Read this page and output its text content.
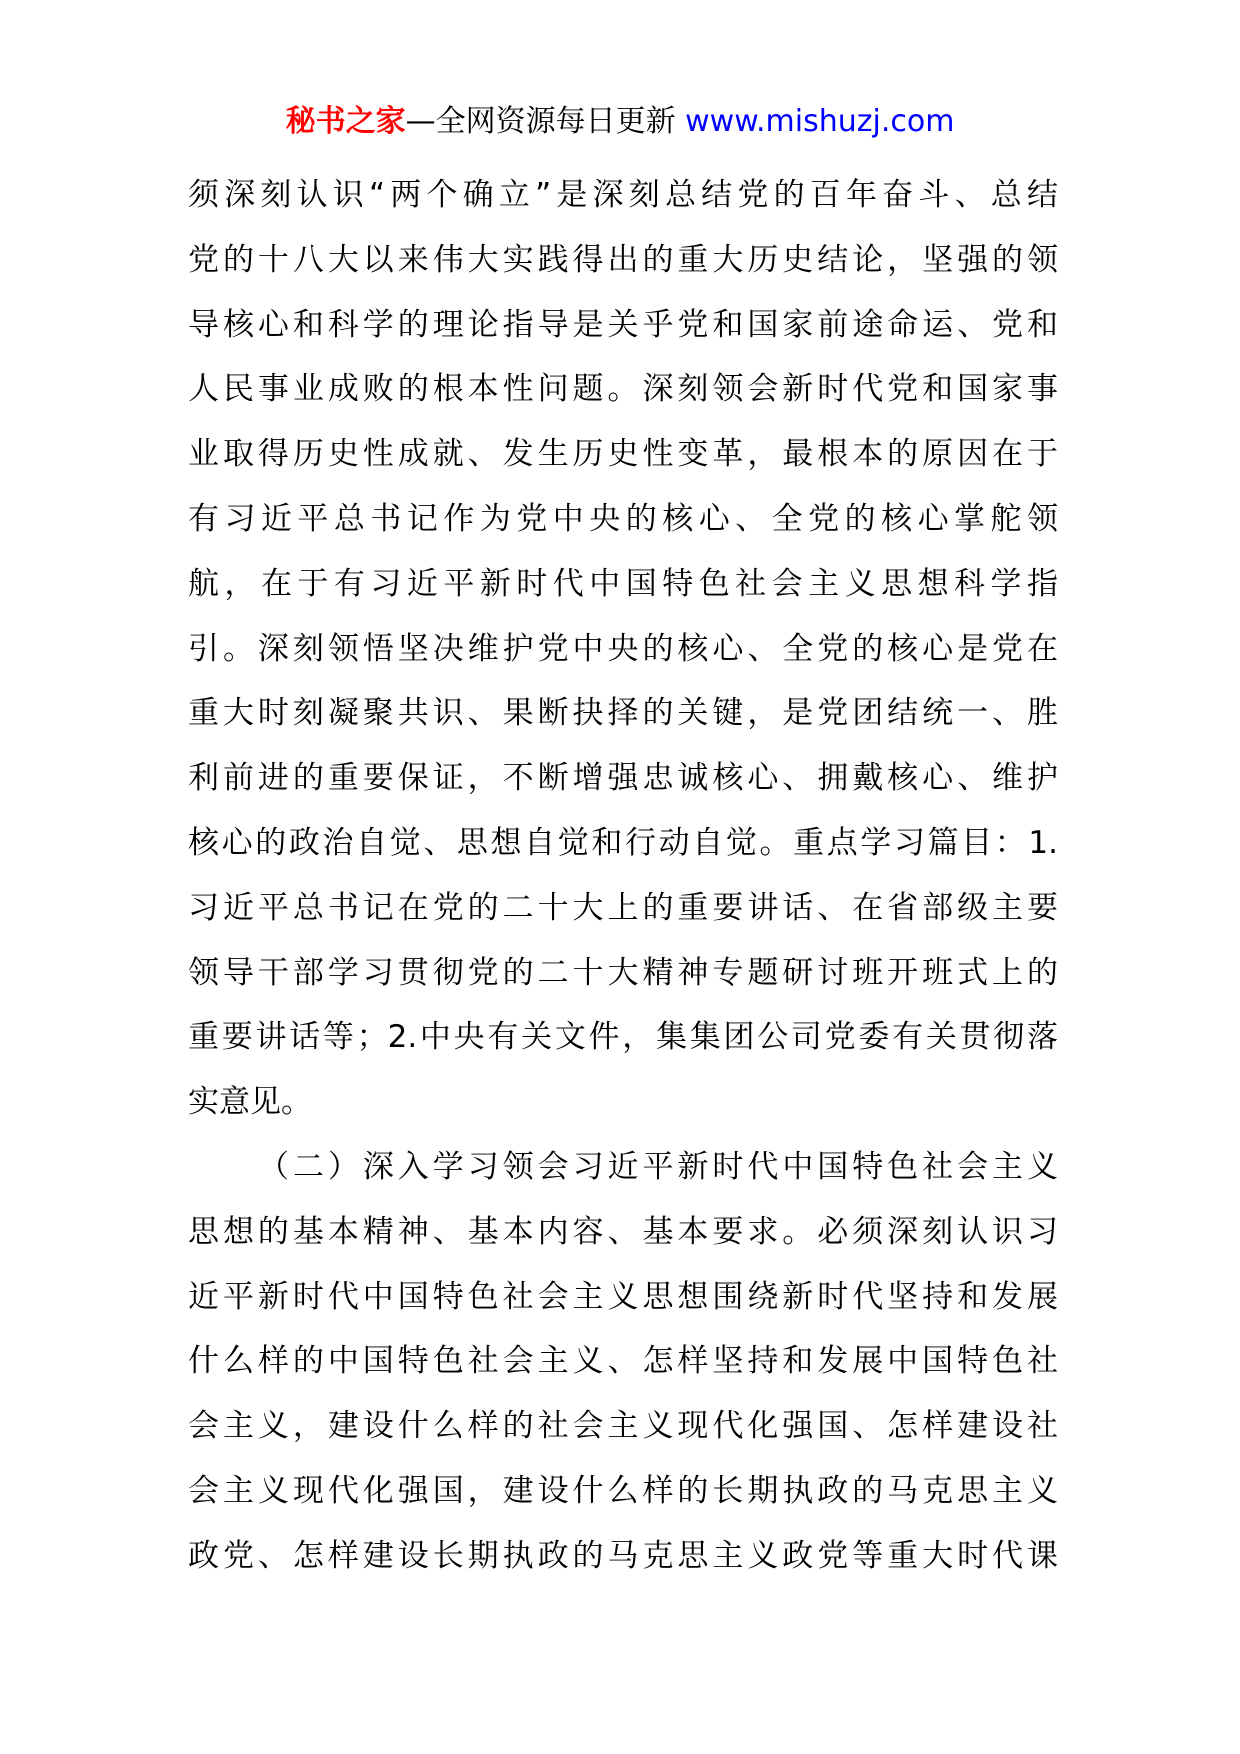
秘书之家—全网资源每日更新 www.mishuzj.com
须深刻认识“两个确立”是深刻总结党的百年奋斗、总结
党的十八大以来伟大实践得出的重大历史结论，坚强的领
导核心和科学的理论指导是关乎党和国家前途命运、党和
人民事业成败的根本性问题。深刻领会新时代党和国家事
业取得历史性成就、发生历史性变革，最根本的原因在于
有习近平总书记作为党中央的核心、全党的核心掌舵领
航，在于有习近平新时代中国特色社会主义思想科学指
引。深刻领悟坚决维护党中央的核心、全党的核心是党在
重大时刻凝聚共识、果断抉择的关键，是党团结统一、胜
利前进的重要保证，不断增强忠诚核心、拥戴核心、维护
核心的政治自觉、思想自觉和行动自觉。重点学习篇目：1.
习近平总书记在党的二十大上的重要讲话、在省部级主要
领导干部学习贯彻党的二十大精神专题研讨班开班式上的
重要讲话等；2.中央有关文件，集集团公司党委有关贯彻落
实意见。
（二）深入学习领会习近平新时代中国特色社会主义
思想的基本精神、基本内容、基本要求。必须深刻认识习
近平新时代中国特色社会主义思想围绕新时代坚持和发展
什么样的中国特色社会主义、怎样坚持和发展中国特色社
会主义，建设什么样的社会主义现代化强国、怎样建设社
会主义现代化强国，建设什么样的长期执政的马克思主义
政党、怎样建设长期执政的马克思主义政党等重大时代课
